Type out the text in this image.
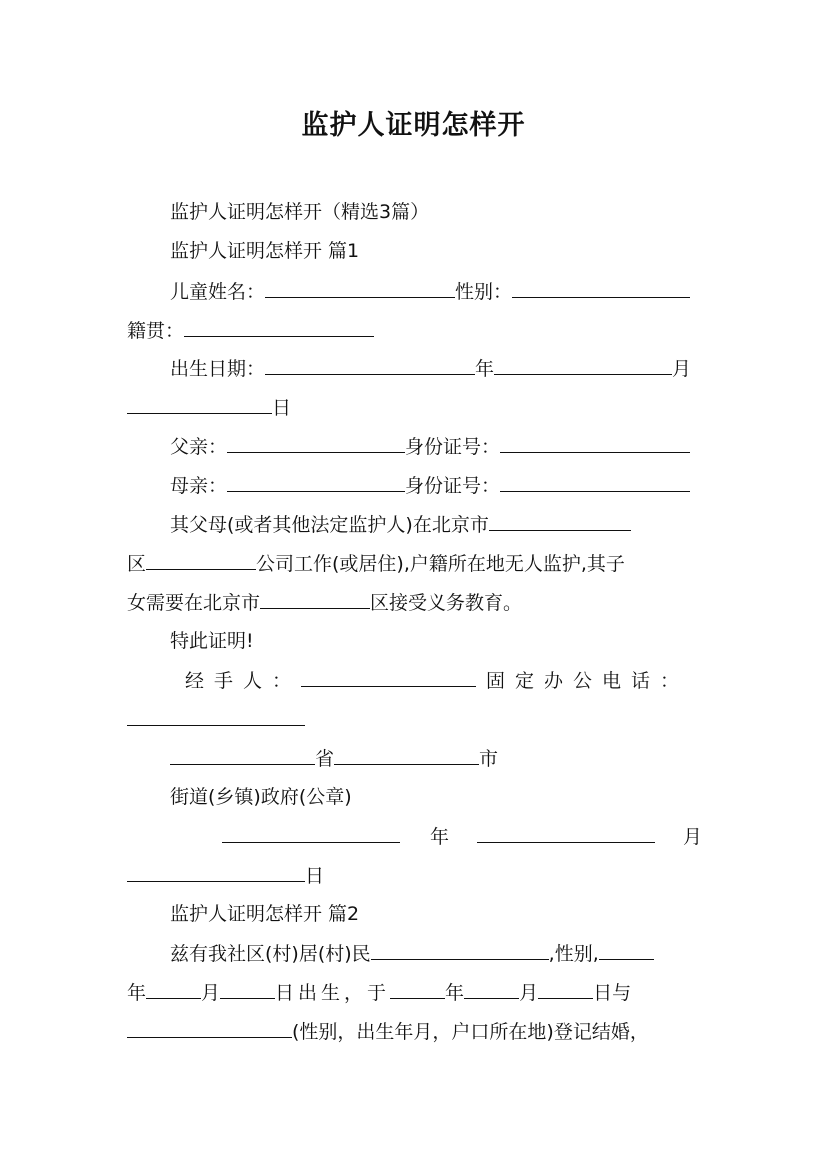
监护人证明怎样开
监护人证明怎样开（精选3篇）
监护人证明怎样开 篇1
儿童姓名：	性别：
籍贯：
出生日期：	年	月
日
父亲：	身份证号：
母亲：	身份证号：
其父母(或者其他法定监护人)在北京市
区	公司工作(或居住),户籍所在地无人监护,其子
女需要在北京市	区接受义务教育。
特此证明!
经手人：	固定办公电话：
省	市
街道(乡镇)政府(公章)
年	月
日
监护人证明怎样开 篇2
兹有我社区(村)居(村)民	,性别,
年	月	日出生，于	年	月	日与
(性别，出生年月，户口所在地)登记结婚，
